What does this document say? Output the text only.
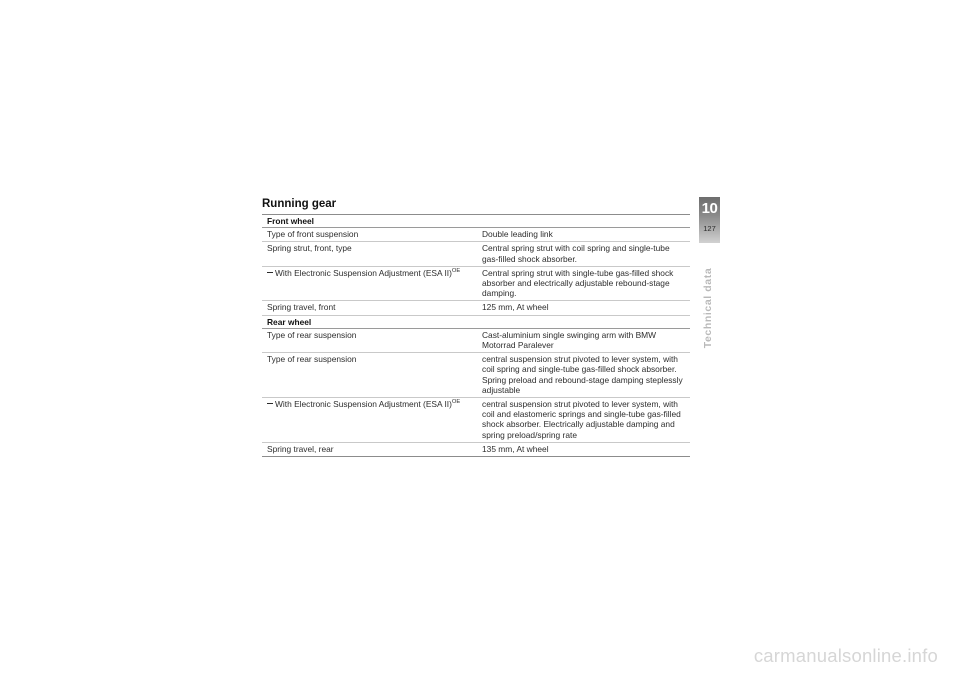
Running gear
Front wheel	
Type of front suspension	Double leading link
Spring strut, front, type	Central spring strut with coil spring and single-tube gas-filled shock absorber.

With Electronic Suspension Adjustment (ESA II)$^{OE}$	Central spring strut with single-tube gas-filled shock absorber and electrically adjustable rebound-stage damping.
Spring travel, front	125 mm, At wheel
Rear wheel	
Type of rear suspension	Cast-aluminium single swinging arm with BMW Motorrad Paralever
Type of rear suspension	central suspension strut pivoted to lever system, with coil spring and single-tube gas-filled shock absorber. Spring preload and rebound-stage damping steplessly adjustable

With Electronic Suspension Adjustment (ESA II)$^{OE}$	central suspension strut pivoted to lever system, with coil and elastomeric springs and single-tube gas-filled shock absorber. Electrically adjustable damping and spring preload/spring rate
Spring travel, rear	135 mm, At wheel
10
127
Technical data
carmanualsonline.info
